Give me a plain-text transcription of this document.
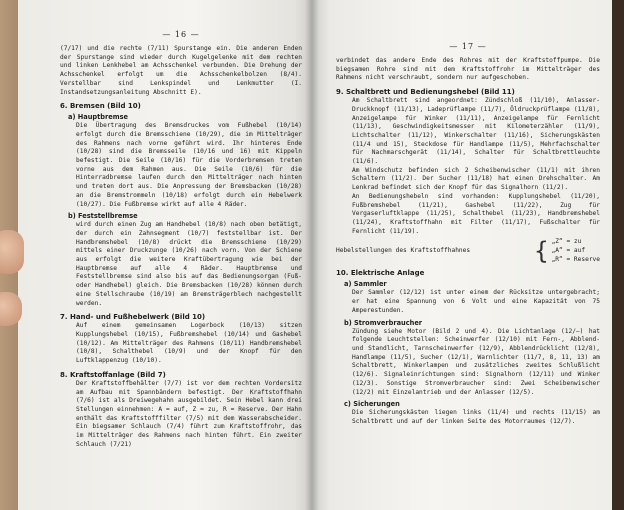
— 16 —

(7/17) und die rechte (7/11) Spurstange ein. Die anderen Enden der Spurstange sind wieder durch Kugelgelenke mit dem rechten und linken Lenkhebel am Achsschenkel verbunden. Die Drehung der Achsschenkel erfolgt um die Achsschenkelbolzen (8/4). Verstellbar sind Lenkspindel und Lenkmutter (I. Instandsetzungsanleitung Abschnitt E).

6. Bremsen (Bild 10)
a) Hauptbremse

Die Übertragung des Bremsdruckes vom Fußhebel (10/14) erfolgt durch die Bremsschiene (10/29), die im Mittelträger des Rahmens nach vorne geführt wird. Ihr hinteres Ende (10/28) sind die Bremsseile (10/16 und 16) mit Kippeln befestigt. Die Seile (10/16) für die Vorderbremsen treten vorne aus dem Rahmen aus. Die Seile (10/6) für die Hinterradbremse laufen durch den Mittelträger nach hinten und treten dort aus. Die Anpressung der Bremsbacken (10/28) an die Bremstrommeln (10/18) erfolgt durch ein Hebelwerk (10/27). Die Fußbremse wirkt auf alle 4 Räder.

b) Feststellbremse

wird durch einen Zug am Handhebel (10/8) nach oben betätigt, der durch ein Zahnsegment (10/7) feststellbar ist. Der Handbremshebel (10/8) drückt die Bremsschiene (10/29) mittels einer Druckzunge (10/26) nach vorn. Von der Schiene aus erfolgt die weitere Kraftübertragung wie bei der Hauptbremse auf alle 4 Räder. Hauptbremse und Feststellbremse sind also bis auf das Bedienungsorgan (Fuß- oder Handhebel) gleich. Die Bremsbacken (10/28) können durch eine Stellschraube (10/19) am Bremsträgerblech nachgestellt werden.

7. Hand- und Fußhebelwerk (Bild 10)

Auf einem gemeinsamen Logerbock (10/13) sitzen Kupplungshebel (10/15), Fußbremshebel (10/14) und Gashebel (10/12). Am Mittelträger des Rahmens (10/11) Handbremshebel (10/8), Schalthebel (10/9) und der Knopf für den Luftklappenzug (10/10).

8. Kraftstoffanlage (Bild 7)

Der Kraftstoffbehälter (7/7) ist vor dem rechten Vordersitz am Aufbau mit Spannbändern befestigt. Der Kraftstoffhahn (7/6) ist als Dreiwegehahn ausgebildet. Sein Hebel kann drei Stellungen einnehmen: A = auf, Z = zu, R = Reserve. Der Hahn enthält das Kraftstofffilter (7/5) mit dem Wasserabscheider. Ein biegsamer Schlauch (7/4) führt zum Kraftstoffrohr, das im Mittelträger des Rahmens nach hinten führt. Ein zweiter Schlauch (7/21)

— 17 —

verbindet das andere Ende des Rohres mit der Kraftstoffpumpe. Die biegsamen Rohre sind mit dem Kraftstoffrohr im Mittelträger des Rahmens nicht verschraubt, sondern nur aufgeschoben.

9. Schaltbrett und Bedienungshebel (Bild 11)

Am Schaltbrett sind angeordnet: Zündschloß (11/10), Anlasser-Druckknopf (11/13), Ladeprüflampe (11/7), Öldruckprüflampe (11/8), Anzeigelampe für Winker (11/11), Anzeigelampe für Fernlicht (11/13), Geschwindigkeitsmesser mit Kilometerzähler (11/9), Lichtschalter (11/12), Winkerschalter (11/16), Sicherungskästen (11/4 und 15), Steckdose für Handlampe (11/5), Mehrfachschalter für Nachmarschgerät (11/14), Schalter für Schaltbrettleuchte (11/6).

Am Windschutz befinden sich 2 Scheibenwischer (11/1) mit ihren Schaltern (11/2). Der Sucher (11/18) hat einen Drehschalter. Am Lenkrad befindet sich der Knopf für das Signalhorn (11/2).

An Bedienungshebeln sind vorhanden: Kupplungshebel (11/20), Fußbremshebel (11/21), Gashebel (11/22), Zug für Vergaserluftklappe (11/25), Schalthebel (11/23), Handbremshebel (11/24), Kraftstoffhahn mit Filter (11/17), Fußschalter für Fernlicht (11/19).

Hebelstellungen des Kraftstoffhahnes	{ „Z“ = zu
„A“ = auf
„R“ = Reserve
10. Elektrische Anlage
a) Sammler

Der Sammler (12/12) ist unter einem der Rücksitze untergebracht; er hat eine Spannung von 6 Volt und eine Kapazität von 75 Amperestunden.

b) Stromverbraucher

Zündung siehe Motor (Bild 2 und 4). Die Lichtanlage (12/—) hat folgende Leuchtstellen: Scheinwerfer (12/10) mit Fern-, Abblend- und Standlicht, Tarnscheinwerfer (12/9), Abblendrücklicht (12/8), Handlampe (11/5), Sucher (12/1), Warnlichter (11/7, 8, 11, 13) am Schaltbrett, Winkerlampen und zusätzliches zweites Schlußlicht (12/6). Signaleinrichtungen sind: Signalhorn (12/11) und Winker (12/3). Sonstige Stromverbraucher sind: Zwei Scheibenwischer (12/2) mit Einzelantrieb und der Anlasser (12/5).

c) Sicherungen

Die Sicherungskästen liegen links (11/4) und rechts (11/15) am Schaltbrett und auf der linken Seite des Motorraumes (12/7).
